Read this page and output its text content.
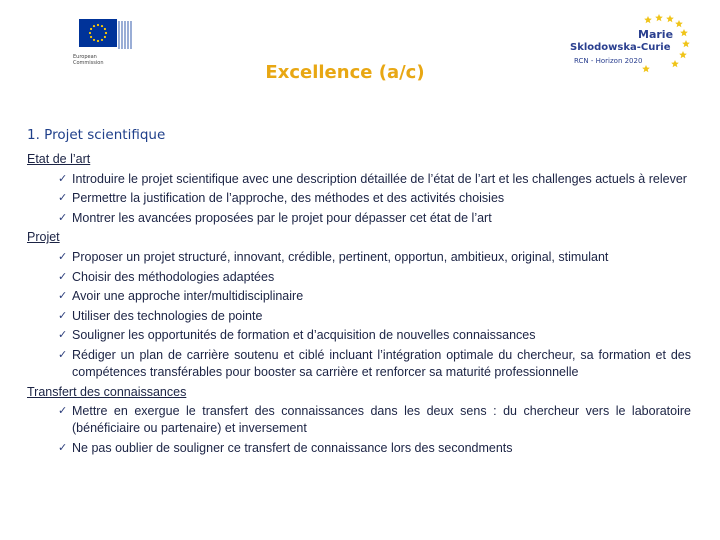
European
Commission
Marie
Sklodowska-Curie
RCN - Horizon 2020
Excellence (a/c)
1. Projet scientifique
Etat de l’art
✓ Introduire le projet scientifique avec une description détaillée de l’état de l’art et les challenges actuels à relever
✓ Permettre la justification de l’approche, des méthodes et des activités choisies
✓ Montrer les avancées proposées par le projet pour dépasser cet état de l’art
Projet
✓ Proposer un projet structuré, innovant, crédible, pertinent, opportun, ambitieux, original, stimulant
✓ Choisir des méthodologies adaptées
✓ Avoir une approche inter/multidisciplinaire
✓ Utiliser des technologies de pointe
✓ Souligner les opportunités de formation et d’acquisition de nouvelles connaissances
✓ Rédiger un plan de carrière soutenu et ciblé incluant l’intégration optimale du chercheur, sa formation et des compétences transférables pour booster sa carrière et renforcer sa maturité professionnelle
Transfert des connaissances
✓ Mettre en exergue le transfert des connaissances dans les deux sens : du chercheur vers le laboratoire (bénéficiaire ou partenaire) et inversement
✓ Ne pas oublier de souligner ce transfert de connaissance lors des secondments
